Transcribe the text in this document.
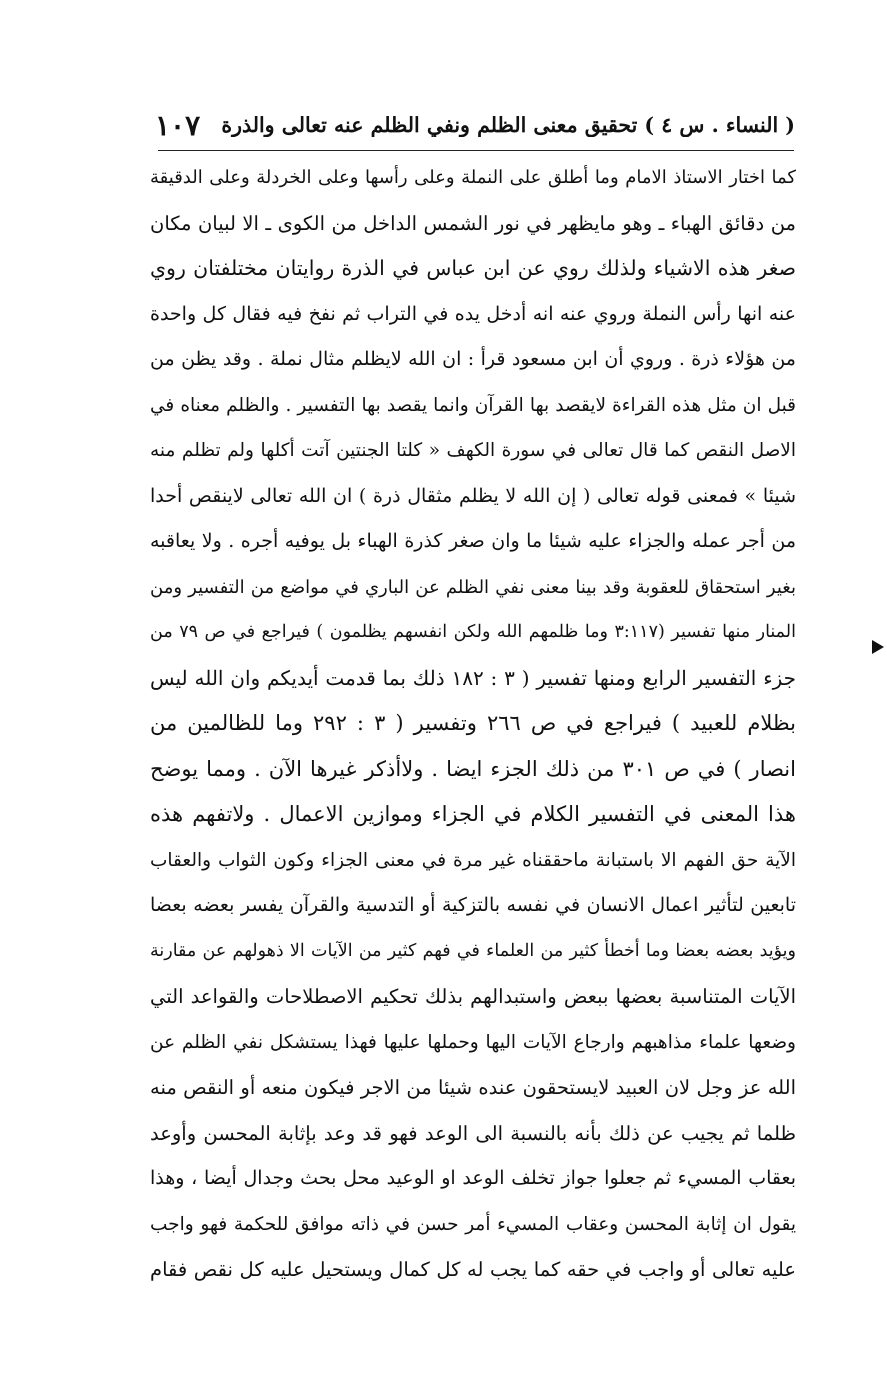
( النساء . س ٤ ) تحقيق معنى الظلم ونفي الظلم عنه تعالى والذرة
١٠٧
كما اختار الاستاذ الامام وما أطلق على النملة وعلى رأسها وعلى الخردلة وعلى الدقيقة
من دقائق الهباء ـ وهو مايظهر في نور الشمس الداخل من الكوى ـ الا لبيان مكان
صغر هذه الاشياء ولذلك روي عن ابن عباس في الذرة روايتان مختلفتان روي
عنه انها رأس النملة وروي عنه انه أدخل يده في التراب ثم نفخ فيه فقال كل واحدة
من هؤلاء ذرة . وروي أن ابن مسعود قرأ : ان الله لايظلم مثال نملة . وقد يظن من
قبل ان مثل هذه القراءة لايقصد بها القرآن وانما يقصد بها التفسير . والظلم معناه في
الاصل النقص كما قال تعالى في سورة الكهف « كلتا الجنتين آتت أكلها ولم تظلم منه
شيئا » فمعنى قوله تعالى ( إن الله لا يظلم مثقال ذرة ) ان الله تعالى لاينقص أحدا
من أجر عمله والجزاء عليه شيئا ما وان صغر كذرة الهباء بل يوفيه أجره . ولا يعاقبه
بغير استحقاق للعقوبة وقد بينا معنى نفي الظلم عن الباري في مواضع من التفسير ومن
المنار منها تفسير (٣:١١٧ وما ظلمهم الله ولكن انفسهم يظلمون ) فيراجع في ص ٧٩ من
جزء التفسير الرابع ومنها تفسير ( ٣ : ١٨٢ ذلك بما قدمت أيديكم وان الله ليس
بظلام للعبيد ) فيراجع في ص ٢٦٦ وتفسير ( ٣ : ٢٩٢ وما للظالمين من
انصار ) في ص ٣٠١ من ذلك الجزء ايضا . ولاأذكر غيرها الآن . ومما يوضح
هذا المعنى في التفسير الكلام في الجزاء وموازين الاعمال . ولاتفهم هذه
الآية حق الفهم الا باستبانة ماحققناه غير مرة في معنى الجزاء وكون الثواب والعقاب
تابعين لتأثير اعمال الانسان في نفسه بالتزكية أو التدسية والقرآن يفسر بعضه بعضا
ويؤيد بعضه بعضا وما أخطأ كثير من العلماء في فهم كثير من الآيات الا ذهولهم عن مقارنة
الآيات المتناسبة بعضها ببعض واستبدالهم بذلك تحكيم الاصطلاحات والقواعد التي
وضعها علماء مذاهبهم وارجاع الآيات اليها وحملها عليها فهذا يستشكل نفي الظلم عن
الله عز وجل لان العبيد لايستحقون عنده شيئا من الاجر فيكون منعه أو النقص منه
ظلما ثم يجيب عن ذلك بأنه بالنسبة الى الوعد فهو قد وعد بإثابة المحسن وأوعد
بعقاب المسيء ثم جعلوا جواز تخلف الوعد او الوعيد محل بحث وجدال أيضا ، وهذا
يقول ان إثابة المحسن وعقاب المسيء أمر حسن في ذاته موافق للحكمة فهو واجب
عليه تعالى أو واجب في حقه كما يجب له كل كمال ويستحيل عليه كل نقص فقام
